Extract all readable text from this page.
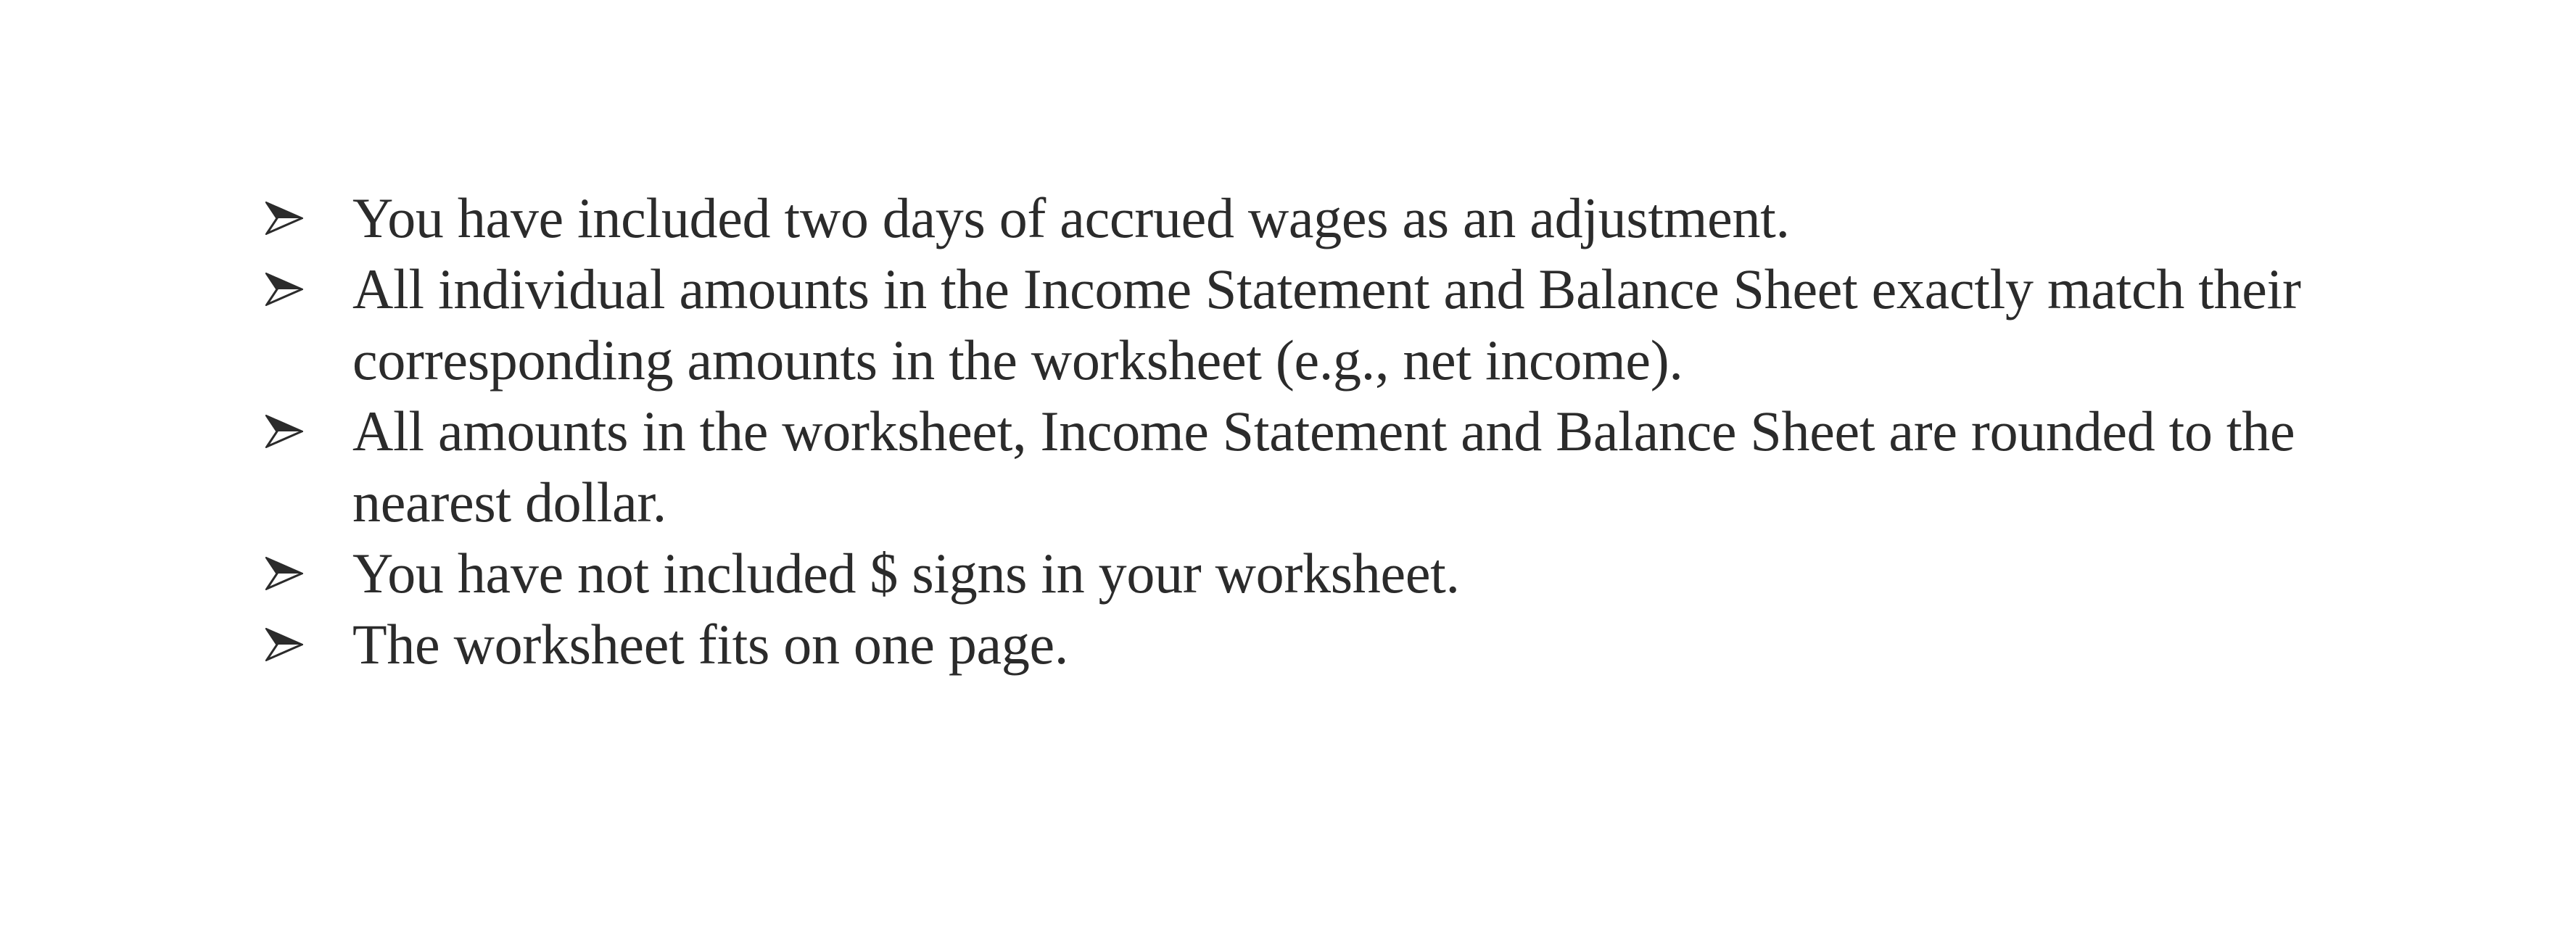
You have included two days of accrued wages as an adjustment.
All individual amounts in the Income Statement and Balance Sheet exactly match their corresponding amounts in the worksheet (e.g., net income).
All amounts in the worksheet, Income Statement and Balance Sheet are rounded to the nearest dollar.
You have not included $ signs in your worksheet.
The worksheet fits on one page.
